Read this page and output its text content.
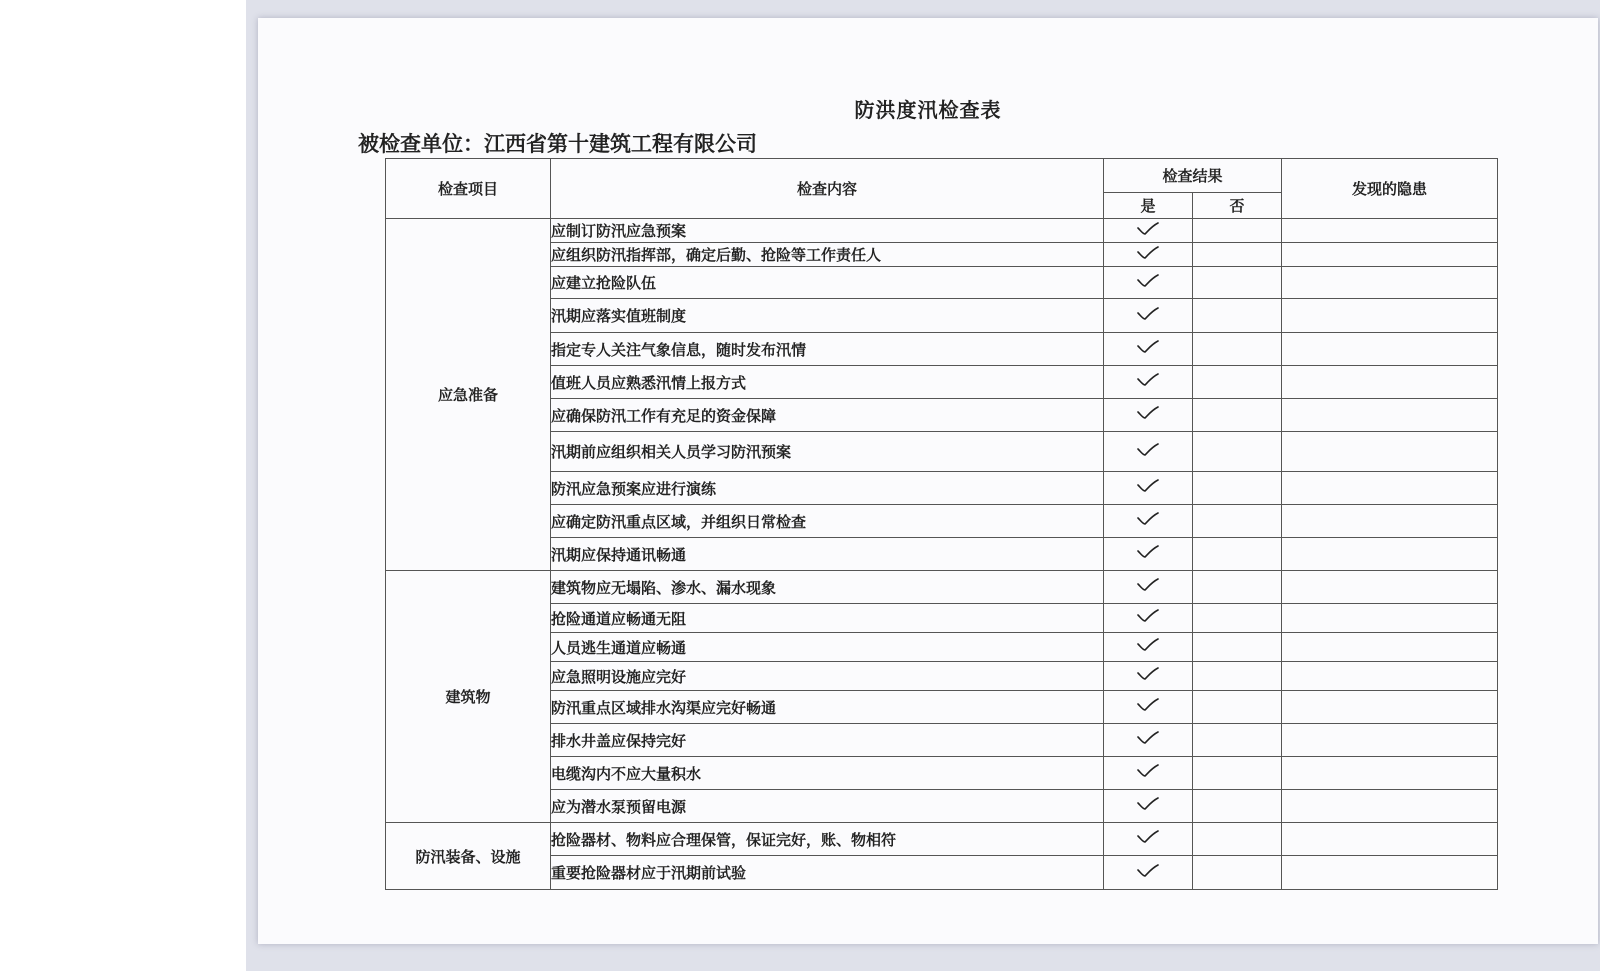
防洪度汛检查表
被检查单位：江西省第十建筑工程有限公司
检查项目	检查内容	检查结果		发现的隐患
		是	否	
应急准备	应制订防汛应急预案	

	应组织防汛指挥部，确定后勤、抢险等工作责任人	

	应建立抢险队伍	

	汛期应落实值班制度	

	指定专人关注气象信息，随时发布汛情	

	值班人员应熟悉汛情上报方式	

	应确保防汛工作有充足的资金保障	

	汛期前应组织相关人员学习防汛预案	

	防汛应急预案应进行演练	

	应确定防汛重点区域，并组织日常检查	

	汛期应保持通讯畅通	

建筑物	建筑物应无塌陷、渗水、漏水现象	

	抢险通道应畅通无阻	

	人员逃生通道应畅通	

	应急照明设施应完好	

	防汛重点区域排水沟渠应完好畅通	

	排水井盖应保持完好	

	电缆沟内不应大量积水	

	应为潜水泵预留电源	

防汛装备、设施	抢险器材、物料应合理保管，保证完好，账、物相符	

	重要抢险器材应于汛期前试验	
